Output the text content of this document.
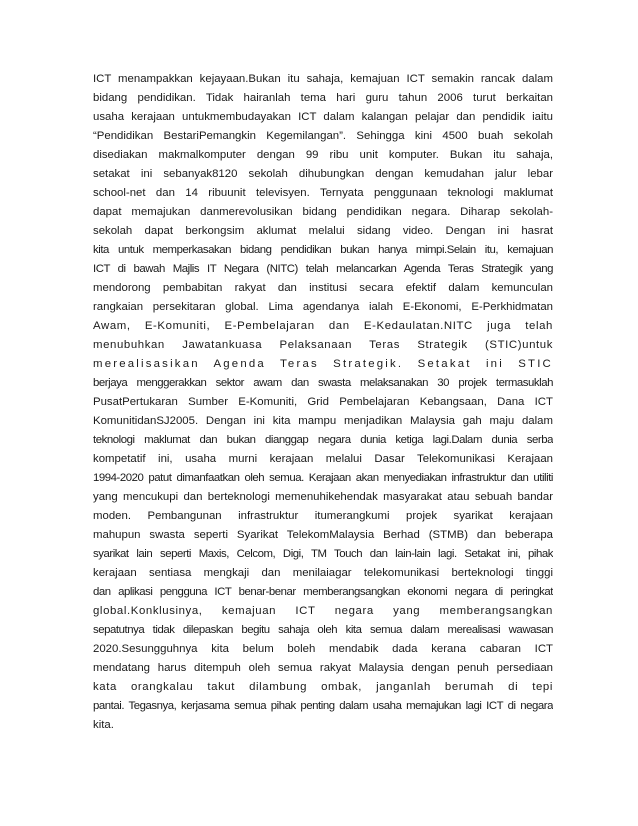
ICT menampakkan kejayaan.Bukan itu sahaja, kemajuan ICT semakin rancak dalam
bidang pendidikan. Tidak hairanlah tema hari guru tahun 2006 turut berkaitan
usaha kerajaan untukmembudayakan ICT dalam kalangan pelajar dan pendidik iaitu
“Pendidikan BestariPemangkin Kegemilangan”. Sehingga kini 4500 buah sekolah
disediakan makmalkomputer dengan 99 ribu unit komputer. Bukan itu sahaja,
setakat ini sebanyak8120 sekolah dihubungkan dengan kemudahan jalur lebar
school-net dan 14 ribuunit televisyen. Ternyata penggunaan teknologi maklumat
dapat memajukan danmerevolusikan bidang pendidikan negara. Diharap sekolah-
sekolah dapat berkongsim aklumat melalui sidang video. Dengan ini hasrat
kita untuk memperkasakan bidang pendidikan bukan hanya mimpi.Selain itu, kemajuan
ICT di bawah Majlis IT Negara (NITC) telah melancarkan Agenda Teras Strategik yang
mendorong pembabitan rakyat dan institusi secara efektif dalam kemunculan
rangkaian persekitaran global. Lima agendanya ialah E-Ekonomi, E-Perkhidmatan
Awam, E-Komuniti, E-Pembelajaran dan E-Kedaulatan.NITC juga telah
menubuhkan Jawatankuasa Pelaksanaan Teras Strategik (STIC)untuk
merealisasikan Agenda Teras Strategik. Setakat ini STIC
berjaya menggerakkan sektor awam dan swasta melaksanakan 30 projek termasuklah
PusatPertukaran Sumber E-Komuniti, Grid Pembelajaran Kebangsaan, Dana ICT
KomunitidanSJ2005. Dengan ini kita mampu menjadikan Malaysia gah maju dalam
teknologi maklumat dan bukan dianggap negara dunia ketiga lagi.Dalam dunia serba
kompetatif ini, usaha murni kerajaan melalui Dasar Telekomunikasi Kerajaan
1994-2020 patut dimanfaatkan oleh semua. Kerajaan akan menyediakan infrastruktur dan utiliti
yang mencukupi dan berteknologi memenuhikehendak masyarakat atau sebuah bandar
moden. Pembangunan infrastruktur itumerangkumi projek syarikat kerajaan
mahupun swasta seperti Syarikat TelekomMalaysia Berhad (STMB) dan beberapa
syarikat lain seperti Maxis, Celcom, Digi, TM Touch dan lain-lain lagi. Setakat ini, pihak
kerajaan sentiasa mengkaji dan menilaiagar telekomunikasi berteknologi tinggi
dan aplikasi pengguna ICT benar-benar memberangsangkan ekonomi negara di peringkat
global.Konklusinya, kemajuan ICT negara yang memberangsangkan
sepatutnya tidak dilepaskan begitu sahaja oleh kita semua dalam merealisasi wawasan
2020.Sesungguhnya kita belum boleh mendabik dada kerana cabaran ICT
mendatang harus ditempuh oleh semua rakyat Malaysia dengan penuh persediaan
kata orangkalau takut dilambung ombak, janganlah berumah di tepi
pantai. Tegasnya, kerjasama semua pihak penting dalam usaha memajukan lagi ICT di negara
kita.
